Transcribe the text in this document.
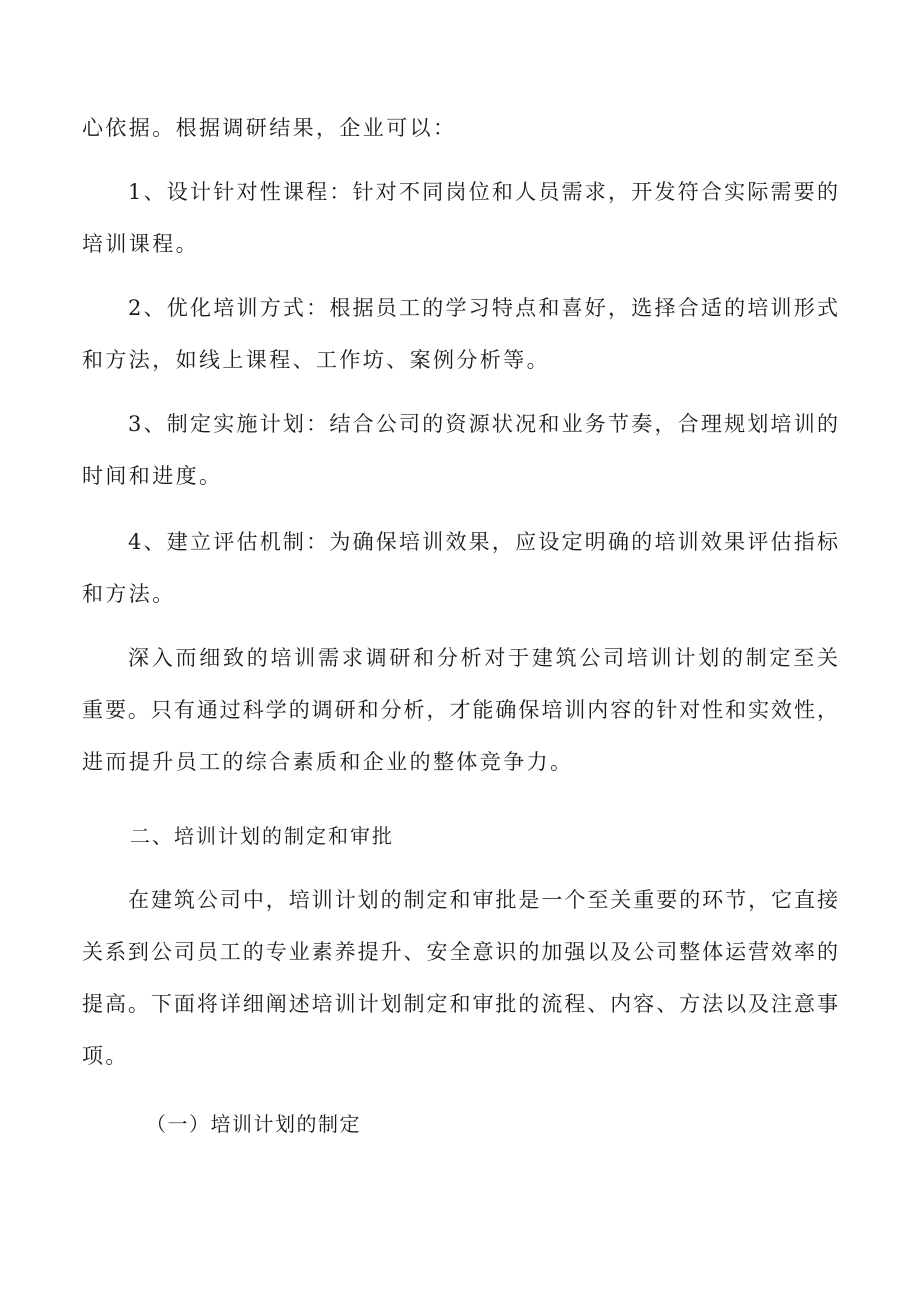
心依据。根据调研结果，企业可以：
1、设计针对性课程：针对不同岗位和人员需求，开发符合实际需要的
培训课程。
2、优化培训方式：根据员工的学习特点和喜好，选择合适的培训形式
和方法，如线上课程、工作坊、案例分析等。
3、制定实施计划：结合公司的资源状况和业务节奏，合理规划培训的
时间和进度。
4、建立评估机制：为确保培训效果，应设定明确的培训效果评估指标
和方法。
深入而细致的培训需求调研和分析对于建筑公司培训计划的制定至关
重要。只有通过科学的调研和分析，才能确保培训内容的针对性和实效性，
进而提升员工的综合素质和企业的整体竞争力。
二、培训计划的制定和审批
在建筑公司中，培训计划的制定和审批是一个至关重要的环节，它直接
关系到公司员工的专业素养提升、安全意识的加强以及公司整体运营效率的
提高。下面将详细阐述培训计划制定和审批的流程、内容、方法以及注意事
项。
（一）培训计划的制定
